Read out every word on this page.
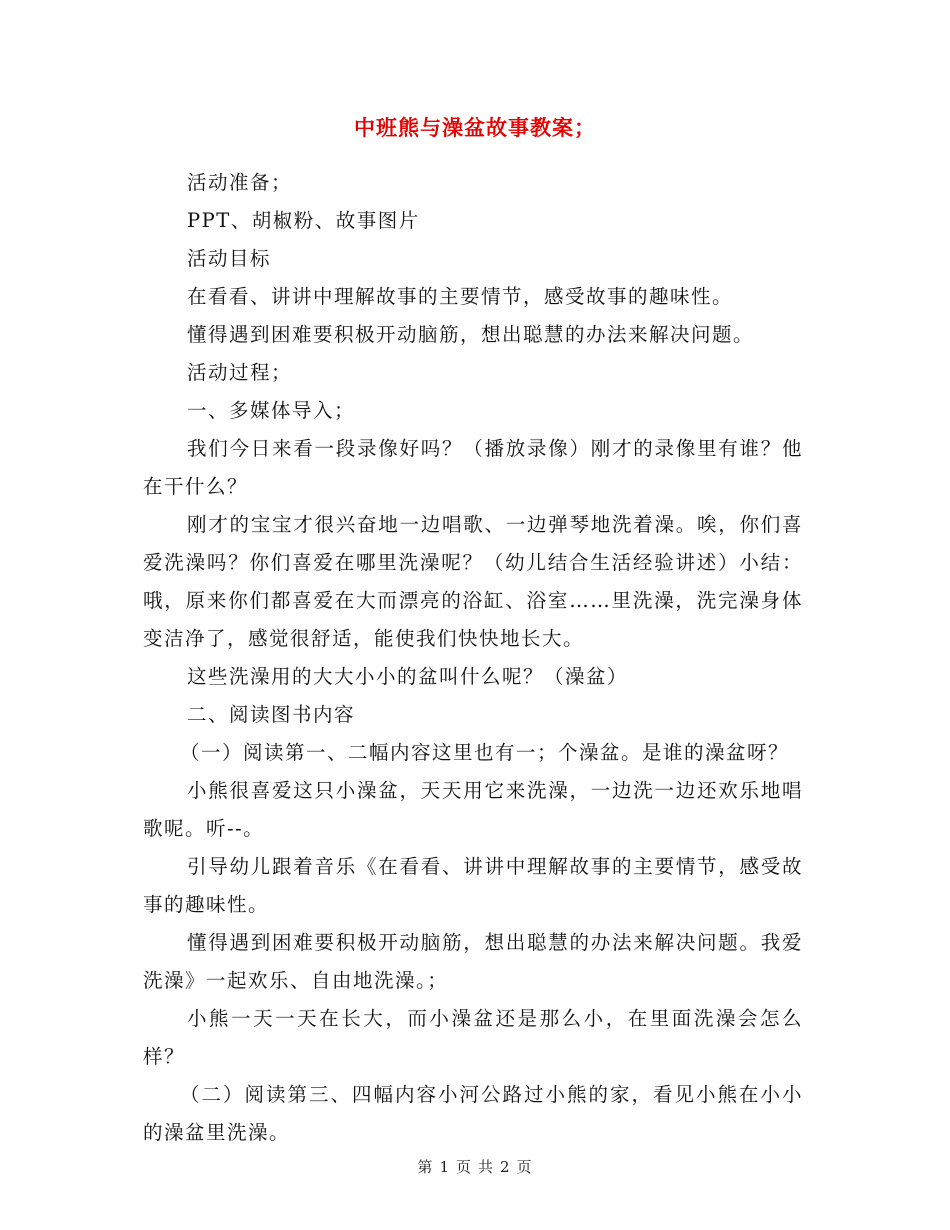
中班熊与澡盆故事教案；

活动准备；

PPT、胡椒粉、故事图片

活动目标

在看看、讲讲中理解故事的主要情节，感受故事的趣味性。

懂得遇到困难要积极开动脑筋，想出聪慧的办法来解决问题。

活动过程；

一、多媒体导入；

我们今日来看一段录像好吗？（播放录像）刚才的录像里有谁？他在干什么？

刚才的宝宝才很兴奋地一边唱歌、一边弹琴地洗着澡。唉，你们喜爱洗澡吗？你们喜爱在哪里洗澡呢？（幼儿结合生活经验讲述）小结：哦，原来你们都喜爱在大而漂亮的浴缸、浴室……里洗澡，洗完澡身体变洁净了，感觉很舒适，能使我们快快地长大。

这些洗澡用的大大小小的盆叫什么呢？（澡盆）

二、阅读图书内容

（一）阅读第一、二幅内容这里也有一；个澡盆。是谁的澡盆呀？

小熊很喜爱这只小澡盆，天天用它来洗澡，一边洗一边还欢乐地唱歌呢。听--。

引导幼儿跟着音乐《在看看、讲讲中理解故事的主要情节，感受故事的趣味性。

懂得遇到困难要积极开动脑筋，想出聪慧的办法来解决问题。我爱洗澡》一起欢乐、自由地洗澡。；

小熊一天一天在长大，而小澡盆还是那么小，在里面洗澡会怎么样？

（二）阅读第三、四幅内容小河公路过小熊的家，看见小熊在小小的澡盆里洗澡。

第 1 页 共 2 页
